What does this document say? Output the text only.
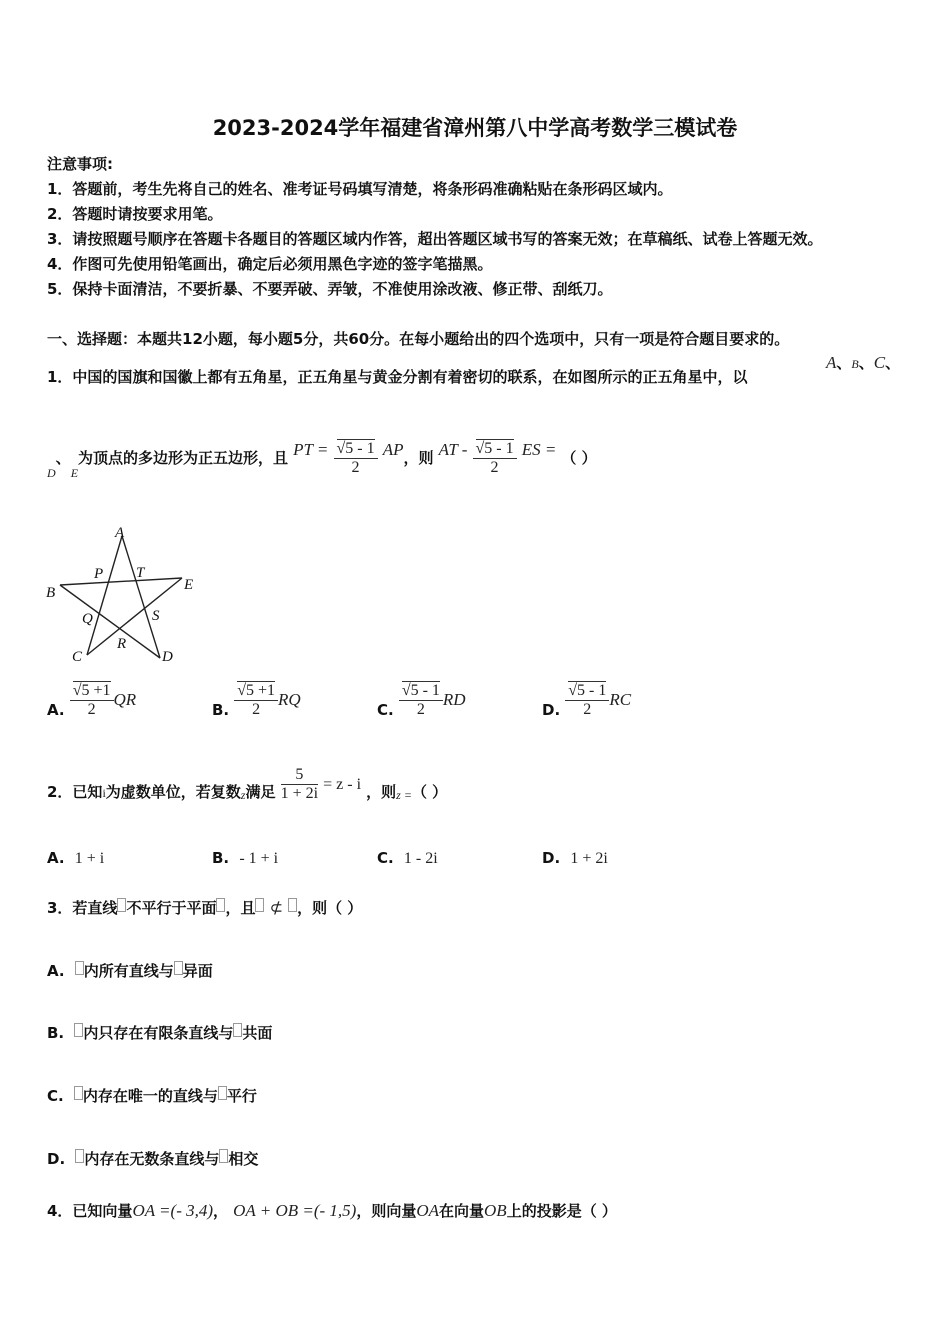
2023-2024学年福建省漳州第八中学高考数学三模试卷
注意事项:
1．答题前，考生先将自己的姓名、准考证号码填写清楚，将条形码准确粘贴在条形码区域内。
2．答题时请按要求用笔。
3．请按照题号顺序在答题卡各题目的答题区域内作答，超出答题区域书写的答案无效；在草稿纸、试卷上答题无效。
4．作图可先使用铅笔画出，确定后必须用黑色字迹的签字笔描黑。
5．保持卡面清洁，不要折暴、不要弄破、弄皱，不准使用涂改液、修正带、刮纸刀。
一、选择题：本题共12小题，每小题5分，共60分。在每小题给出的四个选项中，只有一项是符合题目要求的。
1．中国的国旗和国徽上都有五角星，正五角星与黄金分割有着密切的联系，在如图所示的正五角星中，以
A、B、C、
$_D$、$_E$为顶点的多边形为正五边形，且 PT = $\frac{√5 - 1}{2}$ AP，则 AT - $\frac{√5 - 1}{2}$ ES = （ ）
A
P T
B	E
Q	S
R
C	D
A. $\frac{√5 +1}{2}$ QR
B. $\frac{√5 +1}{2}$ RQ
C. $\frac{√5 - 1}{2}$ RD
D. $\frac{√5 - 1}{2}$ RC
2．已知$_i$为虚数单位，若复数$_z$满足 $\frac{5}{1 + 2i} = z - i$ ，则$_{z =}$（ ）
A. 1 + i	B. - 1 + i	C. 1 - 2i	D. 1 + 2i
3．若直线 不平行于平面 ，且 ⊄ ，则（ ）
A. 内所有直线与 异面
B. 内只存在有限条直线与 共面
C. 内存在唯一的直线与 平行
D. 内存在无数条直线与 相交
4．已知向量OA =(- 3,4)， OA + OB =(- 1,5)，则向量OA在向量OB上的投影是（ ）
